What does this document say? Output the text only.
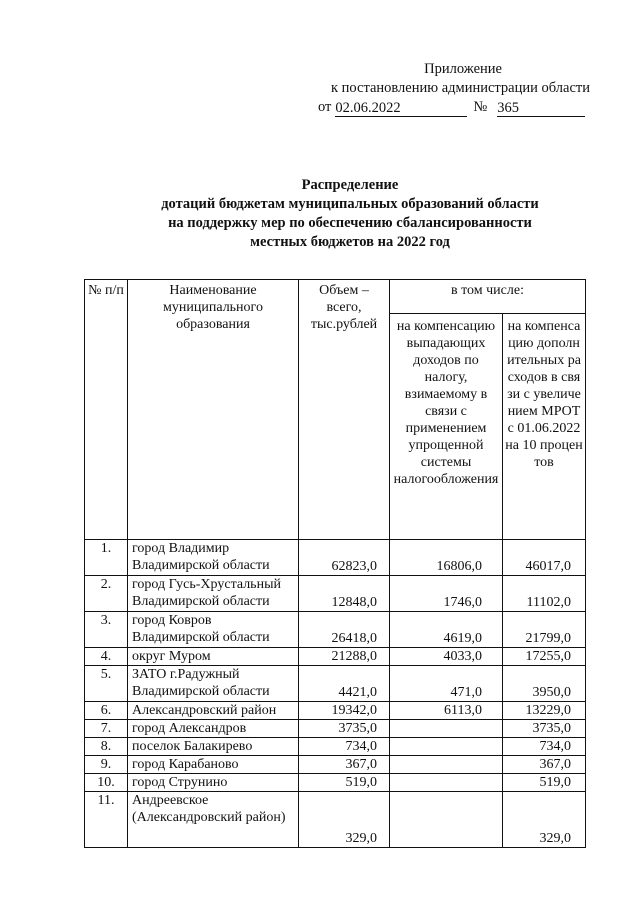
Приложение
к постановлению администрации области
от 02.06.2022	№ 365
Распределение
дотаций бюджетам муниципальных образований области
на поддержку мер по обеспечению сбалансированности
местных бюджетов на 2022 год
№ п/п	Наименование муниципального образования	Объем – всего, тыс.рублей	в том числе:	
			на компенсацию выпадающих доходов по налогу, взимаемому в связи с применением упрощенной системы налогообложения	на компенсацию дополнительных расходов в связи с увеличением МРОТ с 01.06.2022 на 10 процентов
1.	город Владимир Владимирской области	62823,0	16806,0	46017,0
2.	город Гусь-Хрустальный Владимирской области	12848,0	1746,0	11102,0
3.	город Ковров Владимирской области	26418,0	4619,0	21799,0
4.	округ Муром	21288,0	4033,0	17255,0
5.	ЗАТО г.Радужный Владимирской области	4421,0	471,0	3950,0
6.	Александровский район	19342,0	6113,0	13229,0
7.	город Александров	3735,0		3735,0
8.	поселок Балакирево	734,0		734,0
9.	город Карабаново	367,0		367,0
10.	город Струнино	519,0		519,0
11.	Андреевское (Александровский район)	329,0		329,0
